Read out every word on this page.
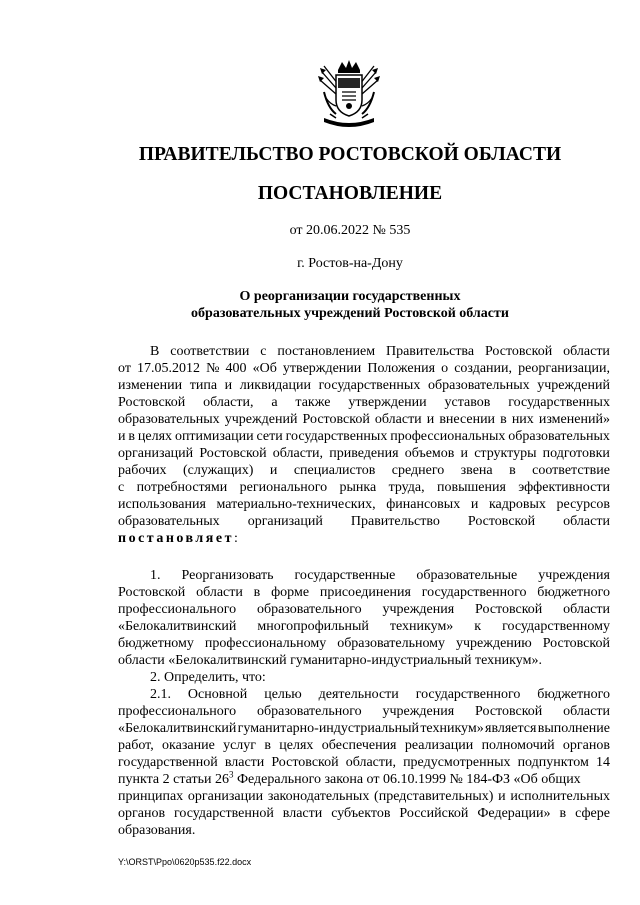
ПРАВИТЕЛЬСТВО РОСТОВСКОЙ ОБЛАСТИ
ПОСТАНОВЛЕНИЕ
от 20.06.2022 № 535
г. Ростов-на-Дону
О реорганизации государственных
образовательных учреждений Ростовской области
В соответствии с постановлением Правительства Ростовской области
от 17.05.2012 № 400 «Об утверждении Положения о создании, реорганизации,
изменении типа и ликвидации государственных образовательных учреждений
Ростовской области, а также утверждении уставов государственных
образовательных учреждений Ростовской области и внесении в них изменений»
и в целях оптимизации сети государственных профессиональных образовательных
организаций Ростовской области, приведения объемов и структуры подготовки
рабочих (служащих) и специалистов среднего звена в соответствие
с потребностями регионального рынка труда, повышения эффективности
использования материально-технических, финансовых и кадровых ресурсов
образовательных организаций Правительство Ростовской области
постановляет:
1. Реорганизовать государственные образовательные учреждения
Ростовской области в форме присоединения государственного бюджетного
профессионального образовательного учреждения Ростовской области
«Белокалитвинский многопрофильный техникум» к государственному
бюджетному профессиональному образовательному учреждению Ростовской
области «Белокалитвинский гуманитарно-индустриальный техникум».
2. Определить, что:
2.1. Основной целью деятельности государственного бюджетного
профессионального образовательного учреждения Ростовской области
«Белокалитвинский гуманитарно-индустриальный техникум» является выполнение
работ, оказание услуг в целях обеспечения реализации полномочий органов
государственной власти Ростовской области, предусмотренных подпунктом 14
пункта 2 статьи $26^3$ Федерального закона от 06.10.1999 № 184-ФЗ «Об общих
принципах организации законодательных (представительных) и исполнительных
органов государственной власти субъектов Российской Федерации» в сфере
образования.
Y:\ORST\Ppo\0620p535.f22.docx
